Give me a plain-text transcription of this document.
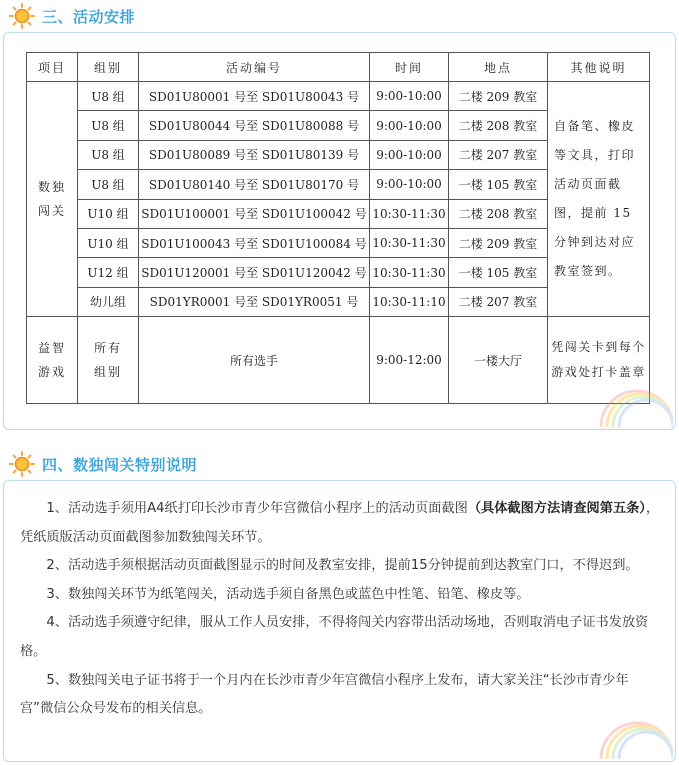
三、活动安排
项目	组别	活动编号	时间	地点	其他说明
数独闯关	U8 组	SD01U80001 号至 SD01U80043 号	9:00-10:00	二楼 209 教室	自备笔、橡皮等文具，打印活动页面截图，提前 15 分钟到达对应教室签到。
	U8 组	SD01U80044 号至 SD01U80088 号	9:00-10:00	二楼 208 教室	
	U8 组	SD01U80089 号至 SD01U80139 号	9:00-10:00	二楼 207 教室	
	U8 组	SD01U80140 号至 SD01U80170 号	9:00-10:00	一楼 105 教室	
	U10 组	SD01U100001 号至 SD01U100042 号	10:30-11:30	二楼 208 教室	
	U10 组	SD01U100043 号至 SD01U100084 号	10:30-11:30	二楼 209 教室	
	U12 组	SD01U120001 号至 SD01U120042 号	10:30-11:30	一楼 105 教室	
	幼儿组	SD01YR0001 号至 SD01YR0051 号	10:30-11:10	二楼 207 教室	
益智游戏	所有组别	所有选手	9:00-12:00	一楼大厅	凭闯关卡到每个游戏处打卡盖章
四、数独闯关特别说明

1、活动选手须用A4纸打印长沙市青少年宫微信小程序上的活动页面截图（具体截图方法请查阅第五条），凭纸质版活动页面截图参加数独闯关环节。

2、活动选手须根据活动页面截图显示的时间及教室安排，提前15分钟提前到达教室门口，不得迟到。

3、数独闯关环节为纸笔闯关，活动选手须自备黑色或蓝色中性笔、铅笔、橡皮等。

4、活动选手须遵守纪律，服从工作人员安排，不得将闯关内容带出活动场地，否则取消电子证书发放资格。

5、数独闯关电子证书将于一个月内在长沙市青少年宫微信小程序上发布，请大家关注“长沙市青少年宫”微信公众号发布的相关信息。
